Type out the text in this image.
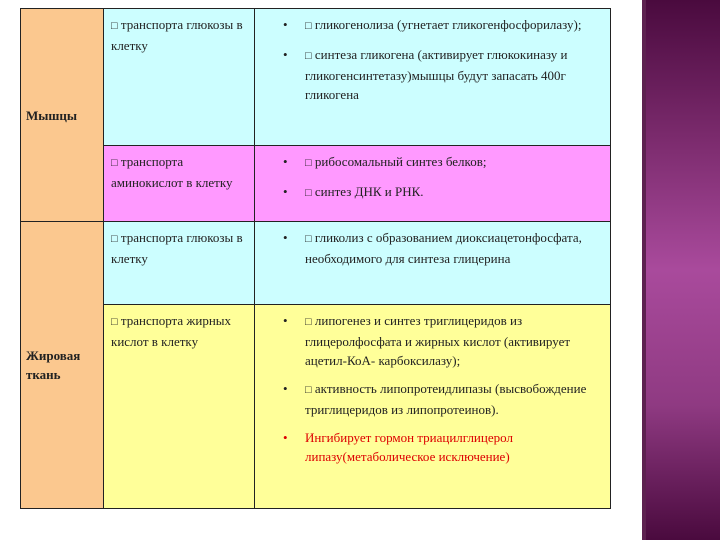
Мышцы
Жировая ткань
□ транспорта глюкозы в клетку
• □ гликогенолиза (угнетает гликогенфосфорилазу);
• □ синтеза гликогена (активирует глюкокиназу и гликогенсинтетазу)мышцы будут запасать 400г гликогена
□ транспорта аминокислот в клетку
• □ рибосомальный синтез белков;
• □ синтез ДНК и РНК.
□ транспорта глюкозы в клетку
• □ гликолиз с образованием диоксиацетонфосфата, необходимого для синтеза глицерина
□ транспорта жирных кислот в клетку
• □ липогенез и синтез триглицеридов из глицеролфосфата и жирных кислот (активирует ацетил-КоА- карбоксилазу);
• □ активность липопротеидлипазы (высвобождение триглицеридов из липопротеинов).
• Ингибирует гормон триацилглицерол липазу(метаболическое исключение)
